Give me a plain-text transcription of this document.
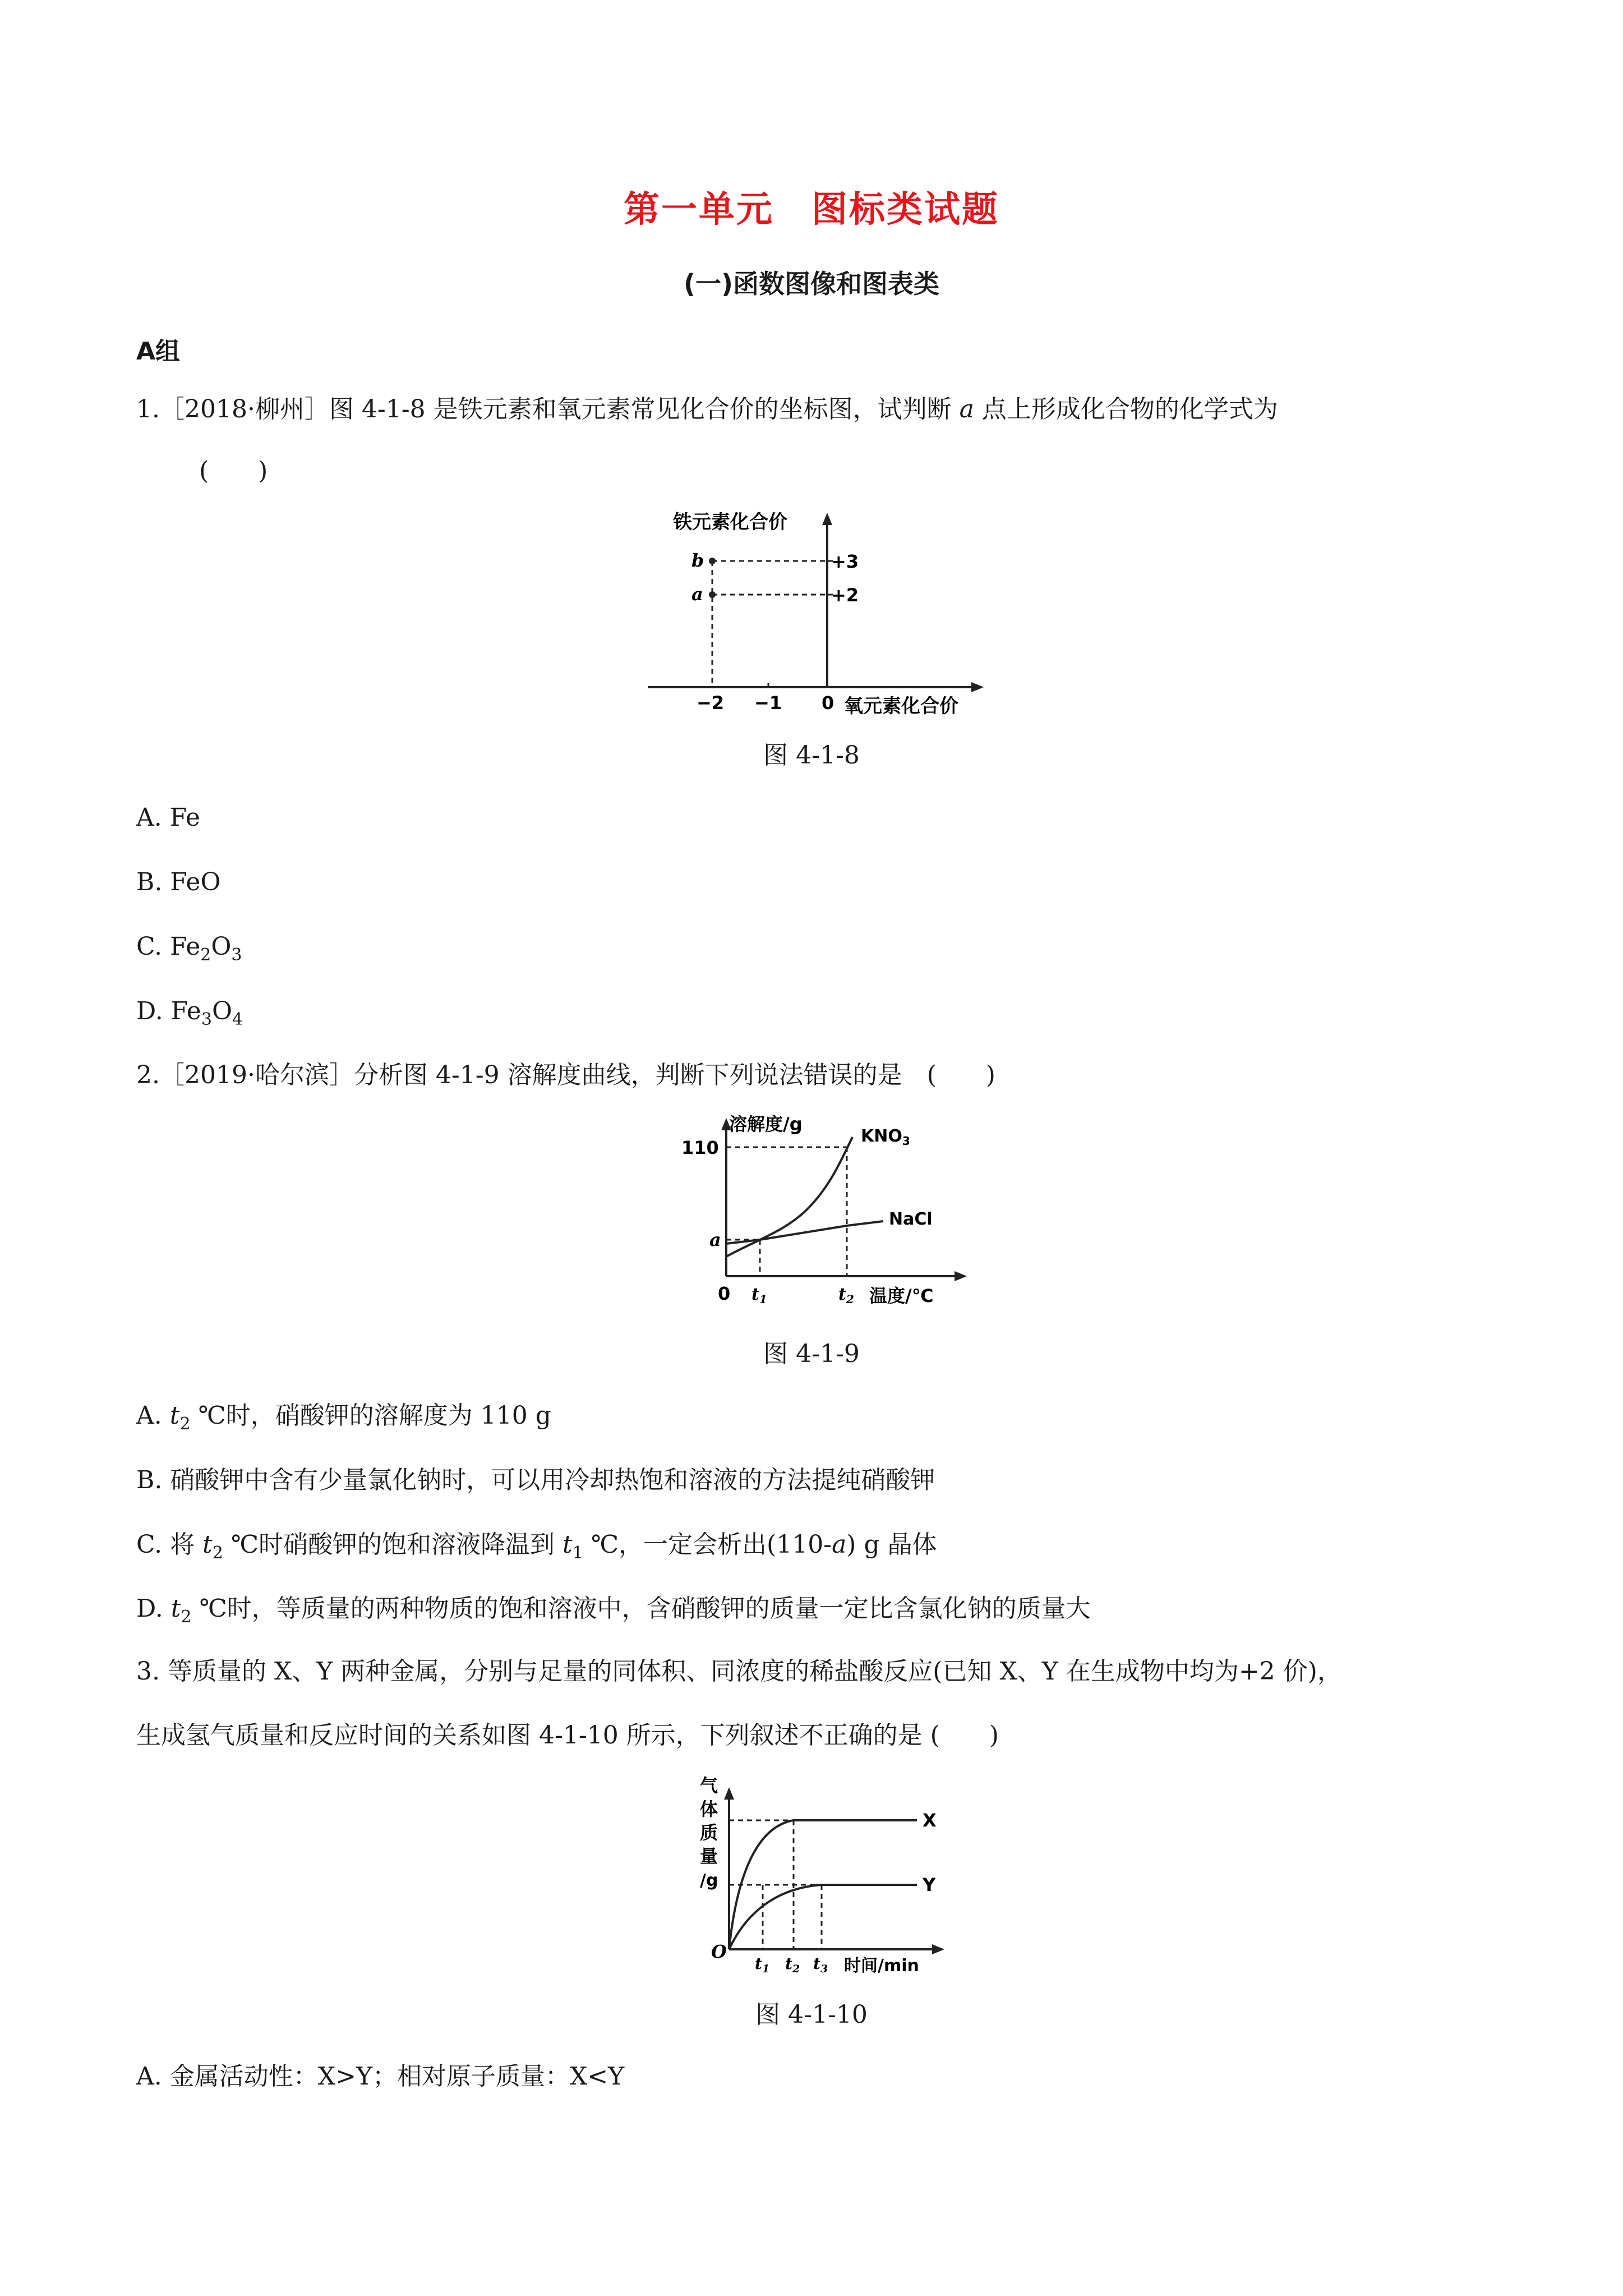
第一单元　图标类试题
(一)函数图像和图表类
A组
1.［2018·柳州］图 4-1-8 是铁元素和氧元素常见化合价的坐标图，试判断 a 点上形成化合物的化学式为
(　　)
铁元素化合价
b
a
+3
+2
−2 −1 0 氧元素化合价
图 4-1-8
A. Fe
B. FeO
C. $Fe_2O_3$
D. $Fe_3O_4$
2.［2019·哈尔滨］分析图 4-1-9 溶解度曲线，判断下列说法错误的是　(　　)
溶解度/g
110
a
$KNO_3$
NaCl
0 $t_1$	$t_2$ 温度/℃
图 4-1-9
A. $t_2$ ℃时，硝酸钾的溶解度为 110 g
B. 硝酸钾中含有少量氯化钠时，可以用冷却热饱和溶液的方法提纯硝酸钾
C. 将 $t_2$ ℃时硝酸钾的饱和溶液降温到 $t_1$ ℃，一定会析出(110-a) g 晶体
D. $t_2$ ℃时，等质量的两种物质的饱和溶液中，含硝酸钾的质量一定比含氯化钠的质量大
3. 等质量的 X、Y 两种金属，分别与足量的同体积、同浓度的稀盐酸反应(已知 X、Y 在生成物中均为+2 价)，
生成氢气质量和反应时间的关系如图 4-1-10 所示，下列叙述不正确的是 (　　)
气
体
质
量
/g
X
Y
O
$t_1$ $t_2$ $t_3$ 时间/min
图 4-1-10
A. 金属活动性：X>Y；相对原子质量：X<Y
